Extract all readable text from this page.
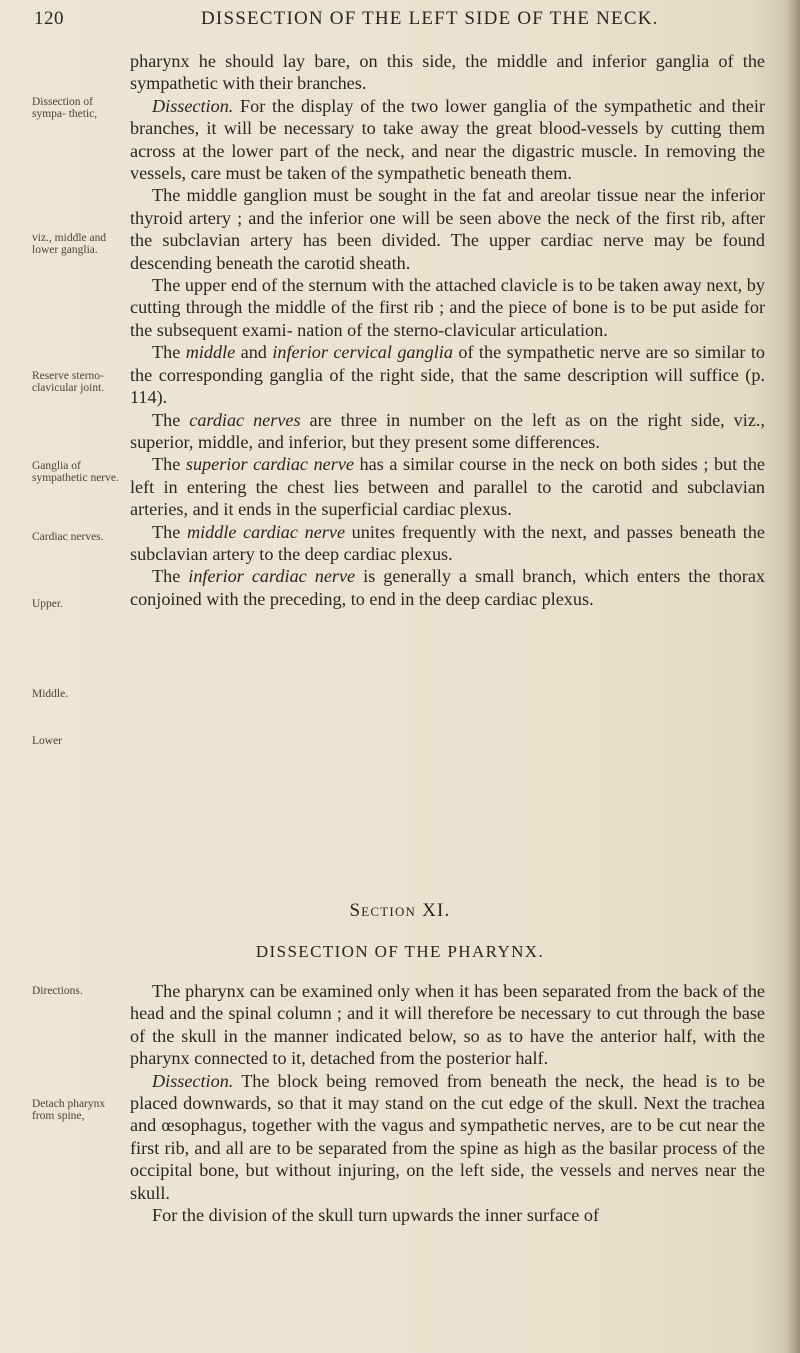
120	DISSECTION OF THE LEFT SIDE OF THE NECK.
Dissection of sympa- thetic,
viz., middle and lower ganglia.
Reserve sterno- clavicular joint.
Ganglia of sympathetic nerve.
Cardiac nerves.
Upper.
Middle.
Lower
Directions.
Detach pharynx from spine,

pharynx he should lay bare, on this side, the middle and inferior ganglia of the sympathetic with their branches.

Dissection. For the display of the two lower ganglia of the sympathetic and their branches, it will be necessary to take away the great blood-vessels by cutting them across at the lower part of the neck, and near the digastric muscle. In removing the vessels, care must be taken of the sympathetic beneath them.

The middle ganglion must be sought in the fat and areolar tissue near the inferior thyroid artery ; and the inferior one will be seen above the neck of the first rib, after the subclavian artery has been divided. The upper cardiac nerve may be found descending beneath the carotid sheath.

The upper end of the sternum with the attached clavicle is to be taken away next, by cutting through the middle of the first rib ; and the piece of bone is to be put aside for the subsequent exami- nation of the sterno-clavicular articulation.

The middle and inferior cervical ganglia of the sympathetic nerve are so similar to the corresponding ganglia of the right side, that the same description will suffice (p. 114).

The cardiac nerves are three in number on the left as on the right side, viz., superior, middle, and inferior, but they present some differences.

The superior cardiac nerve has a similar course in the neck on both sides ; but the left in entering the chest lies between and parallel to the carotid and subclavian arteries, and it ends in the superficial cardiac plexus.

The middle cardiac nerve unites frequently with the next, and passes beneath the subclavian artery to the deep cardiac plexus.

The inferior cardiac nerve is generally a small branch, which enters the thorax conjoined with the preceding, to end in the deep cardiac plexus.

Section XI.
DISSECTION OF THE PHARYNX.

The pharynx can be examined only when it has been separated from the back of the head and the spinal column ; and it will therefore be necessary to cut through the base of the skull in the manner indicated below, so as to have the anterior half, with the pharynx connected to it, detached from the posterior half.

Dissection. The block being removed from beneath the neck, the head is to be placed downwards, so that it may stand on the cut edge of the skull. Next the trachea and œsophagus, together with the vagus and sympathetic nerves, are to be cut near the first rib, and all are to be separated from the spine as high as the basilar process of the occipital bone, but without injuring, on the left side, the vessels and nerves near the skull.

For the division of the skull turn upwards the inner surface of
